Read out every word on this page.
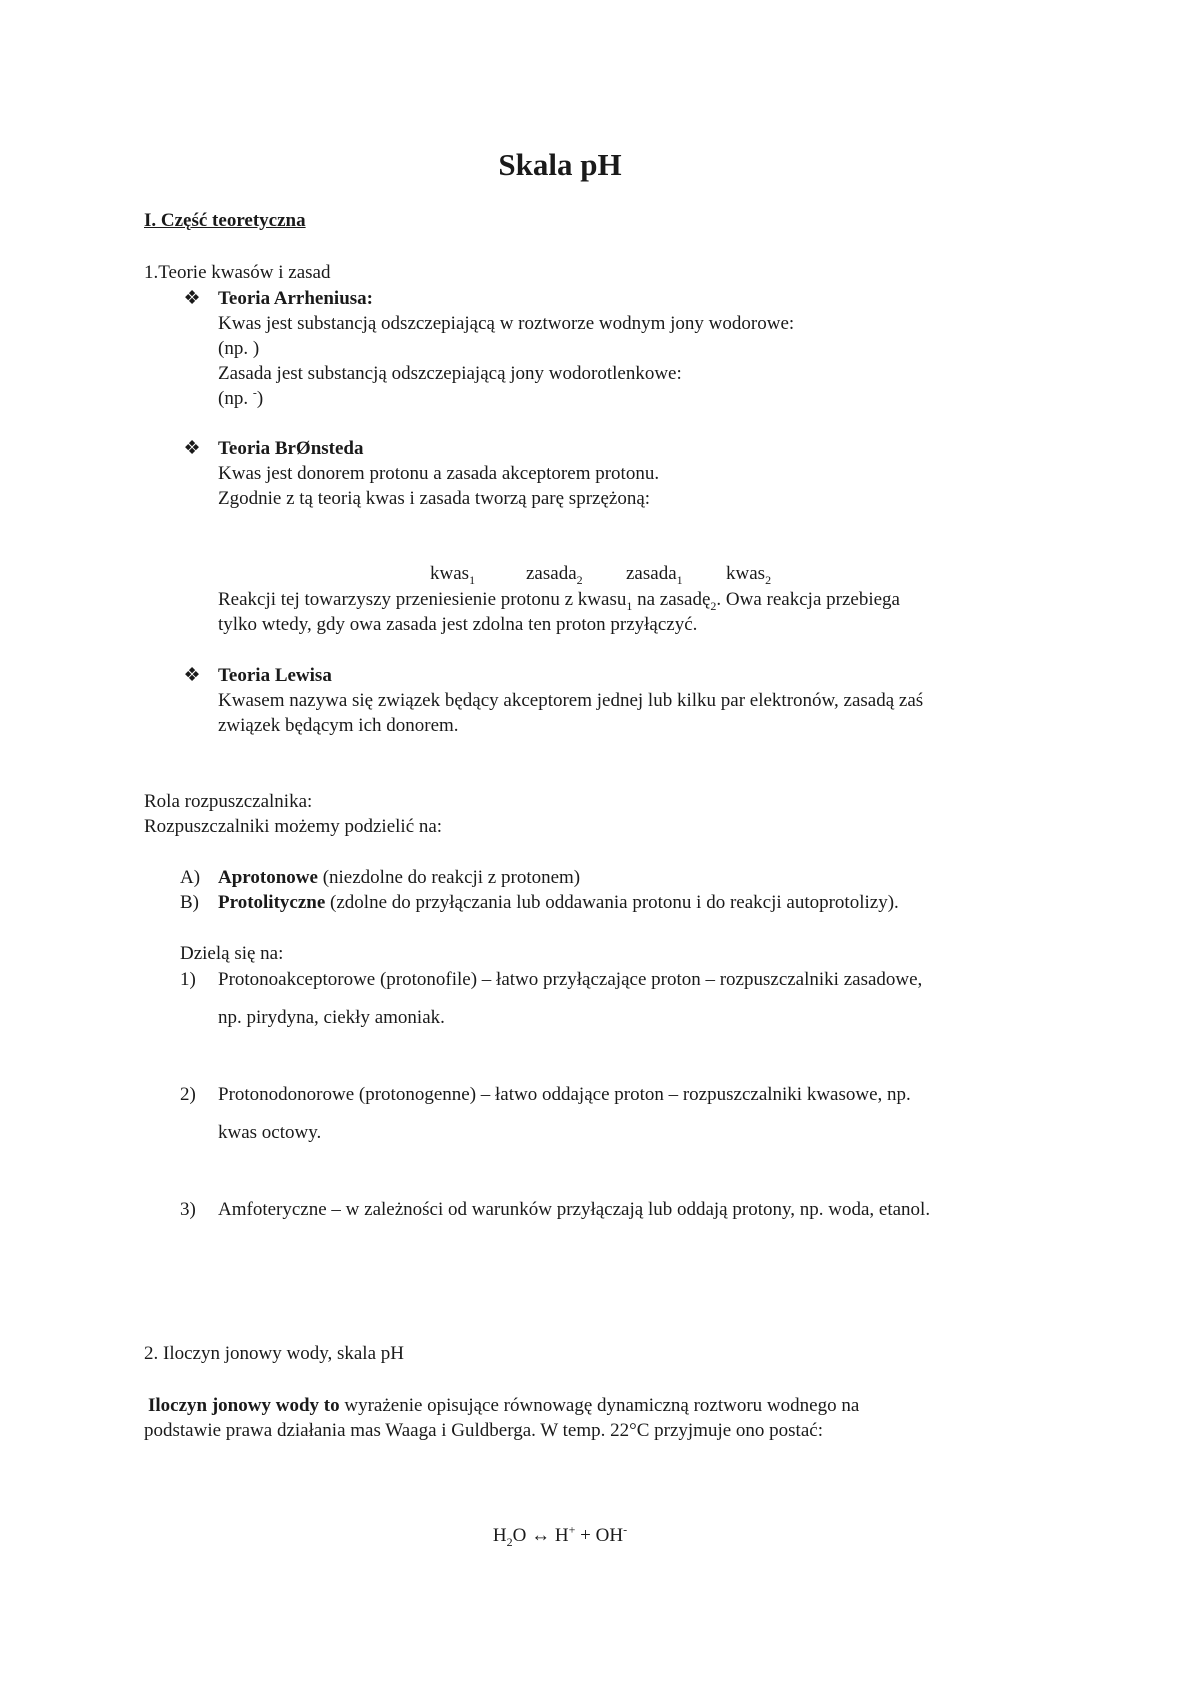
Skala pH
I. Część teoretyczna
1.Teorie kwasów i zasad
❖ Teoria Arrheniusa:
Kwas jest substancją odszczepiającą w roztworze wodnym jony wodorowe:
(np. )
Zasada jest substancją odszczepiającą jony wodorotlenkowe:
(np. -)
❖ Teoria BrØnsteda
Kwas jest donorem protonu a zasada akceptorem protonu.
Zgodnie z tą teorią kwas i zasada tworzą parę sprzężoną:
kwas$_1$	zasada$_2$ zasada$_1$ kwas$_2$
Reakcji tej towarzyszy przeniesienie protonu z kwasu$_1$ na zasadę$_2$. Owa reakcja przebiega
tylko wtedy, gdy owa zasada jest zdolna ten proton przyłączyć.
❖ Teoria Lewisa
Kwasem nazywa się związek będący akceptorem jednej lub kilku par elektronów, zasadą zaś
związek będącym ich donorem.
Rola rozpuszczalnika:
Rozpuszczalniki możemy podzielić na:
A) Aprotonowe (niezdolne do reakcji z protonem)
B) Protolityczne (zdolne do przyłączania lub oddawania protonu i do reakcji autoprotolizy).
Dzielą się na:
1) Protonoakceptorowe (protonofile) – łatwo przyłączające proton – rozpuszczalniki zasadowe,
np. pirydyna, ciekły amoniak.
2) Protonodonorowe (protonogenne) – łatwo oddające proton – rozpuszczalniki kwasowe, np.
kwas octowy.
3) Amfoteryczne – w zależności od warunków przyłączają lub oddają protony, np. woda, etanol.
2. Iloczyn jonowy wody, skala pH
Iloczyn jonowy wody to wyrażenie opisujące równowagę dynamiczną roztworu wodnego na
podstawie prawa działania mas Waaga i Guldberga. W temp. 22°C przyjmuje ono postać:
$H_2O$ ↔ H+ + OH-
